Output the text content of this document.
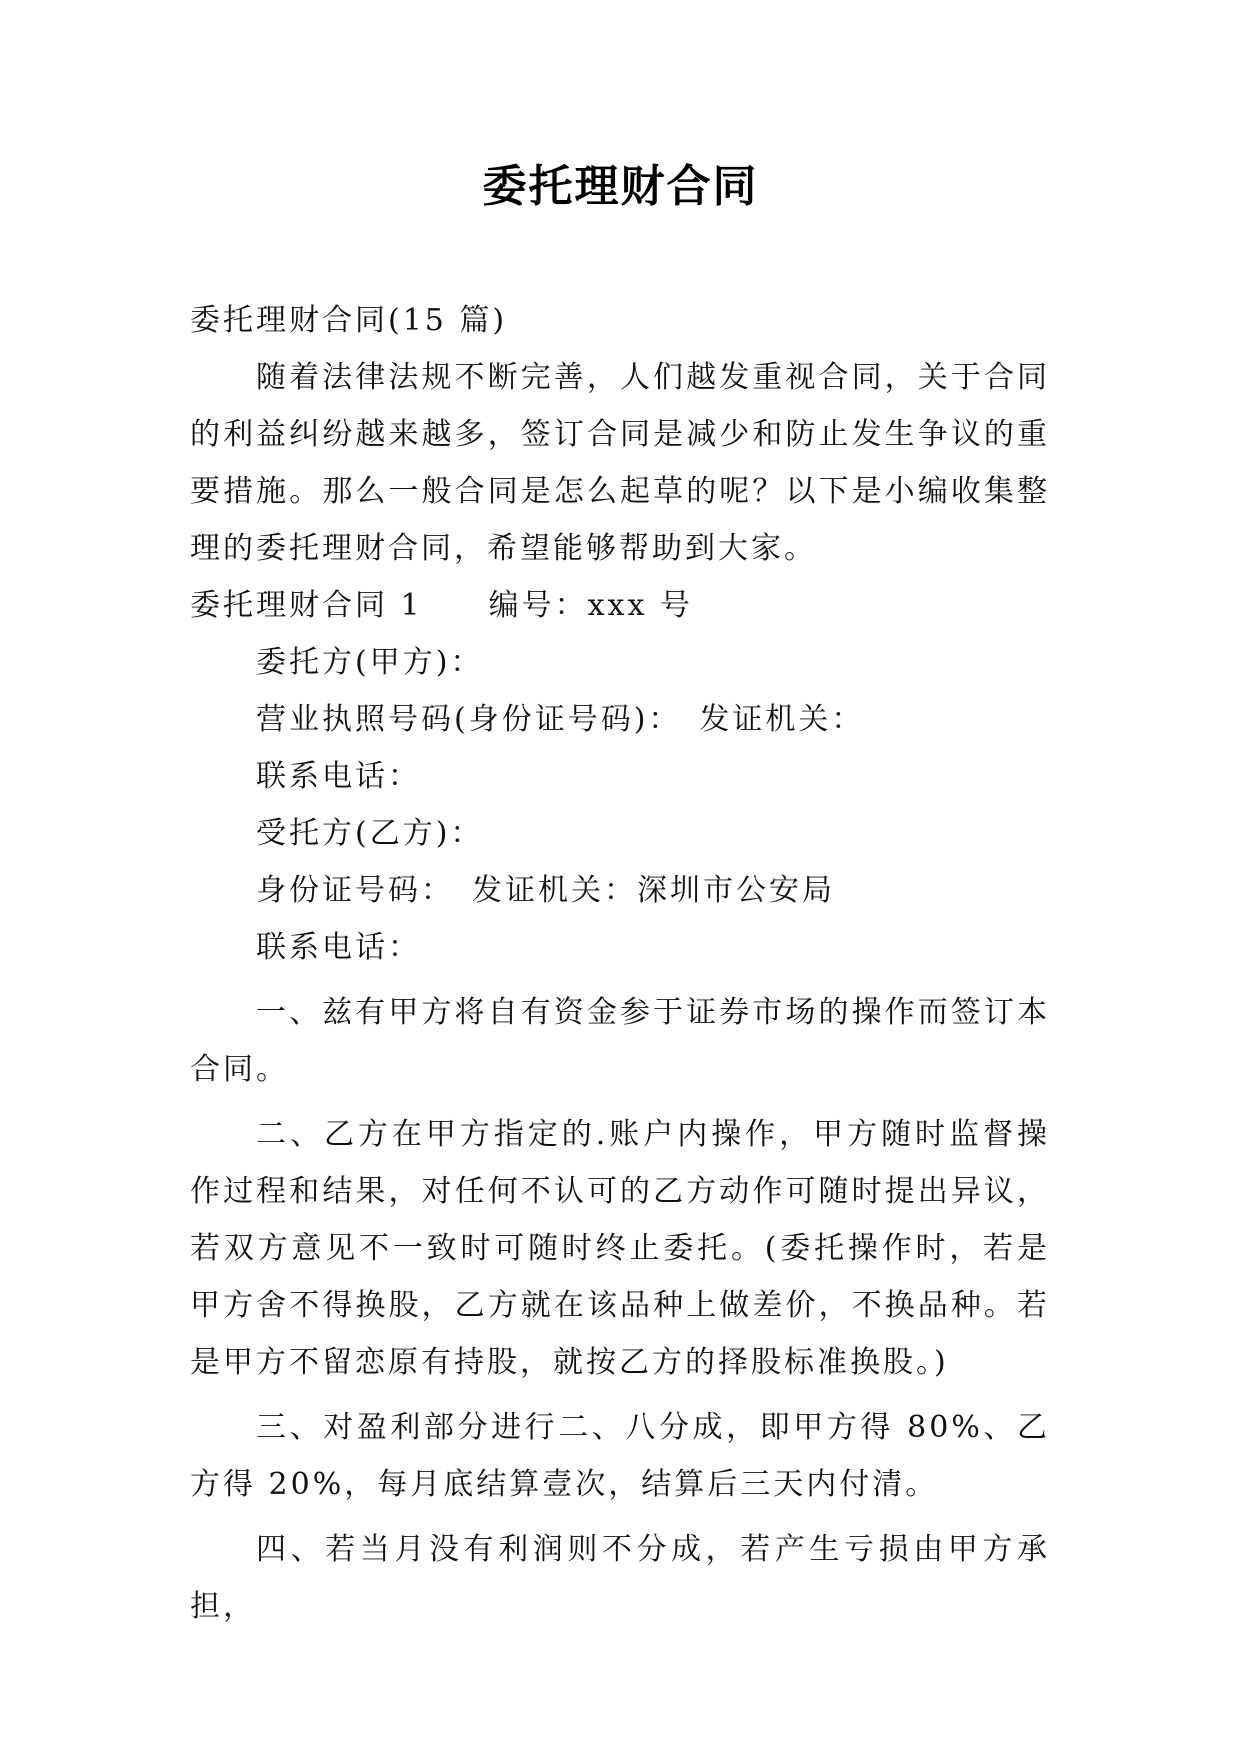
委托理财合同

委托理财合同(15 篇)

随着法律法规不断完善，人们越发重视合同，关于合同的利益纠纷越来越多，签订合同是减少和防止发生争议的重要措施。那么一般合同是怎么起草的呢？以下是小编收集整理的委托理财合同，希望能够帮助到大家。

委托理财合同 1　　编号：xxx 号

委托方(甲方)：

营业执照号码(身份证号码)：　发证机关：

联系电话：

受托方(乙方)：

身份证号码：　发证机关：深圳市公安局

联系电话：

一、兹有甲方将自有资金参于证券市场的操作而签订本合同。

二、乙方在甲方指定的.账户内操作，甲方随时监督操作过程和结果，对任何不认可的乙方动作可随时提出异议，若双方意见不一致时可随时终止委托。(委托操作时，若是甲方舍不得换股，乙方就在该品种上做差价，不换品种。若是甲方不留恋原有持股，就按乙方的择股标准换股。)

三、对盈利部分进行二、八分成，即甲方得 80%、乙方得 20%，每月底结算壹次，结算后三天内付清。

四、若当月没有利润则不分成，若产生亏损由甲方承担，
